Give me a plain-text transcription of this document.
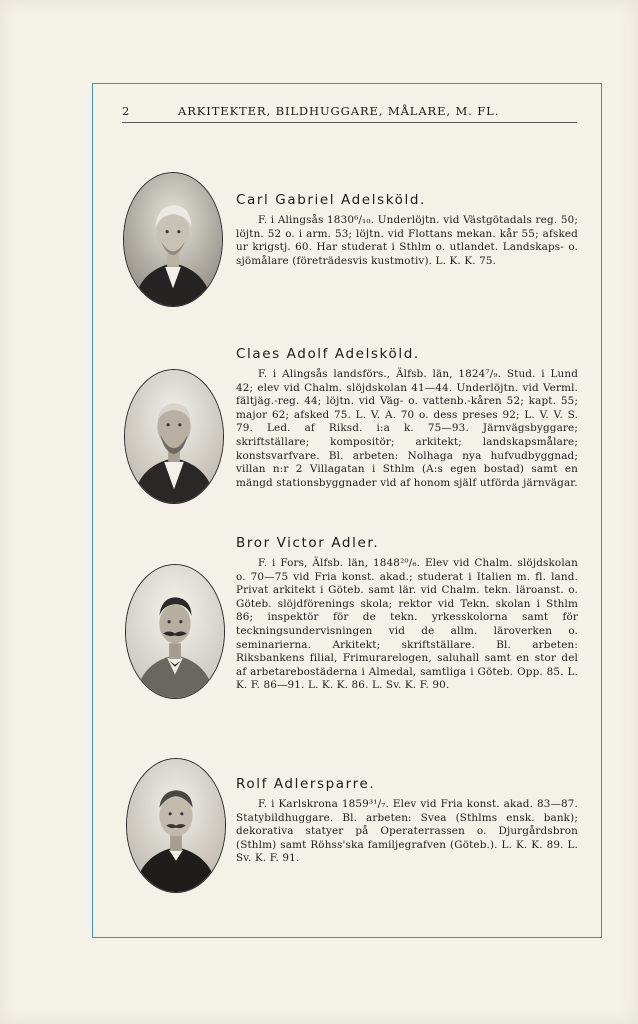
2	ARKITEKTER, BILDHUGGARE, MÅLARE, M. FL.
Carl Gabriel Adelsköld.

F. i Alingsås 1830⁶/₁₀. Underlöjtn. vid Västgötadals reg. 50; löjtn. 52 o. i arm. 53; löjtn. vid Flottans mekan. kår 55; afsked ur krigstj. 60. Har studerat i Sthlm o. utlandet. Landskaps- o. sjömålare (företrädesvis kustmotiv). L. K. K. 75.

Claes Adolf Adelsköld.

F. i Alingsås landsförs., Älfsb. län, 1824⁷/₉. Stud. i Lund 42; elev vid Chalm. slöjdskolan 41—44. Underlöjtn. vid Verml. fältjäg.-reg. 44; löjtn. vid Väg- o. vattenb.-kåren 52; kapt. 55; major 62; afsked 75. L. V. A. 70 o. dess preses 92; L. V. V. S. 79. Led. af Riksd. i:a k. 75—93. Järnvägsbyggare; skriftställare; kompositör; arkitekt; landskapsmålare; konstsvarfvare. Bl. arbeten: Nolhaga nya hufvudbyggnad; villan n:r 2 Villagatan i Sthlm (A:s egen bostad) samt en mängd stationsbyggnader vid af honom själf utförda järnvägar.

Bror Victor Adler.

F. i Fors, Älfsb. län, 1848²⁰/₆. Elev vid Chalm. slöjdskolan o. 70—75 vid Fria konst. akad.; studerat i Italien m. fl. land. Privat arkitekt i Göteb. samt lär. vid Chalm. tekn. läroanst. o. Göteb. slöjdförenings skola; rektor vid Tekn. skolan i Sthlm 86; inspektör för de tekn. yrkesskolorna samt för teckningsundervisningen vid de allm. läroverken o. seminarierna. Arkitekt; skriftställare. Bl. arbeten: Riksbankens filial, Frimurarelogen, saluhall samt en stor del af arbetarebostäderna i Almedal, samtliga i Göteb. Opp. 85. L. K. F. 86—91. L. K. K. 86. L. Sv. K. F. 90.

Rolf Adlersparre.

F. i Karlskrona 1859³¹/₇. Elev vid Fria konst. akad. 83—87. Statybildhuggare. Bl. arbeten: Svea (Sthlms ensk. bank); dekorativa statyer på Operaterrassen o. Djurgårdsbron (Sthlm) samt Röhss'ska familjegrafven (Göteb.). L. K. K. 89. L. Sv. K. F. 91.
